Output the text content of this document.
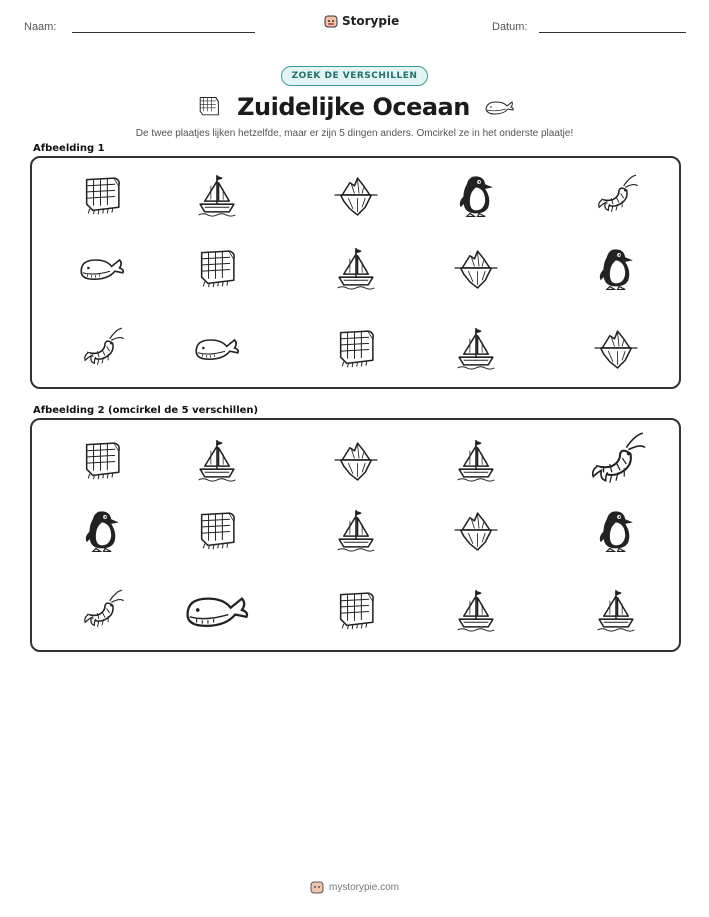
Naam:	Storypie	Datum:
ZOEK DE VERSCHILLEN
Zuidelijke Oceaan
De twee plaatjes lijken hetzelfde, maar er zijn 5 dingen anders. Omcirkel ze in het onderste plaatje!
Afbeelding 1
Afbeelding 2 (omcirkel de 5 verschillen)
mystorypie.com
